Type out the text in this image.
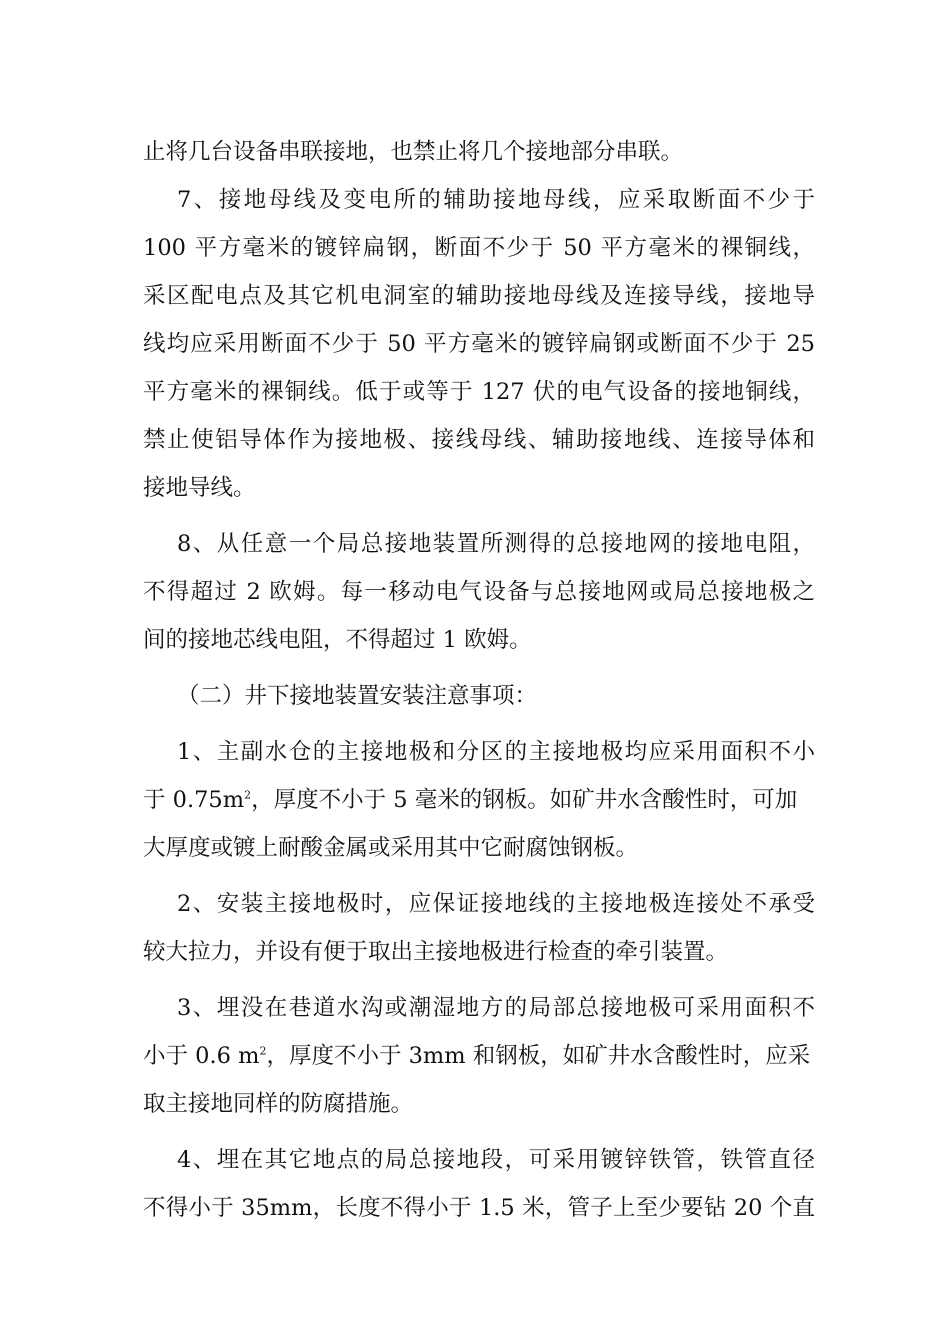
止将几台设备串联接地，也禁止将几个接地部分串联。
7、接地母线及变电所的辅助接地母线，应采取断面不少于
100 平方毫米的镀锌扁钢，断面不少于 50 平方毫米的裸铜线，
采区配电点及其它机电洞室的辅助接地母线及连接导线，接地导
线均应采用断面不少于 50 平方毫米的镀锌扁钢或断面不少于 25
平方毫米的裸铜线。低于或等于 127 伏的电气设备的接地铜线，
禁止使铝导体作为接地极、接线母线、辅助接地线、连接导体和
接地导线。
8、从任意一个局总接地装置所测得的总接地网的接地电阻，
不得超过 2 欧姆。每一移动电气设备与总接地网或局总接地极之
间的接地芯线电阻，不得超过 1 欧姆。
（二）井下接地装置安装注意事项：
1、主副水仓的主接地极和分区的主接地极均应采用面积不小
于 $0.75m^2$，厚度不小于 5 毫米的钢板。如矿井水含酸性时，可加
大厚度或镀上耐酸金属或采用其中它耐腐蚀钢板。
2、安装主接地极时，应保证接地线的主接地极连接处不承受
较大拉力，并设有便于取出主接地极进行检查的牵引装置。
3、埋没在巷道水沟或潮湿地方的局部总接地极可采用面积不
小于 0.6 $m^2$，厚度不小于 3mm 和钢板，如矿井水含酸性时，应采
取主接地同样的防腐措施。
4、埋在其它地点的局总接地段，可采用镀锌铁管，铁管直径
不得小于 35mm，长度不得小于 1.5 米，管子上至少要钻 20 个直
